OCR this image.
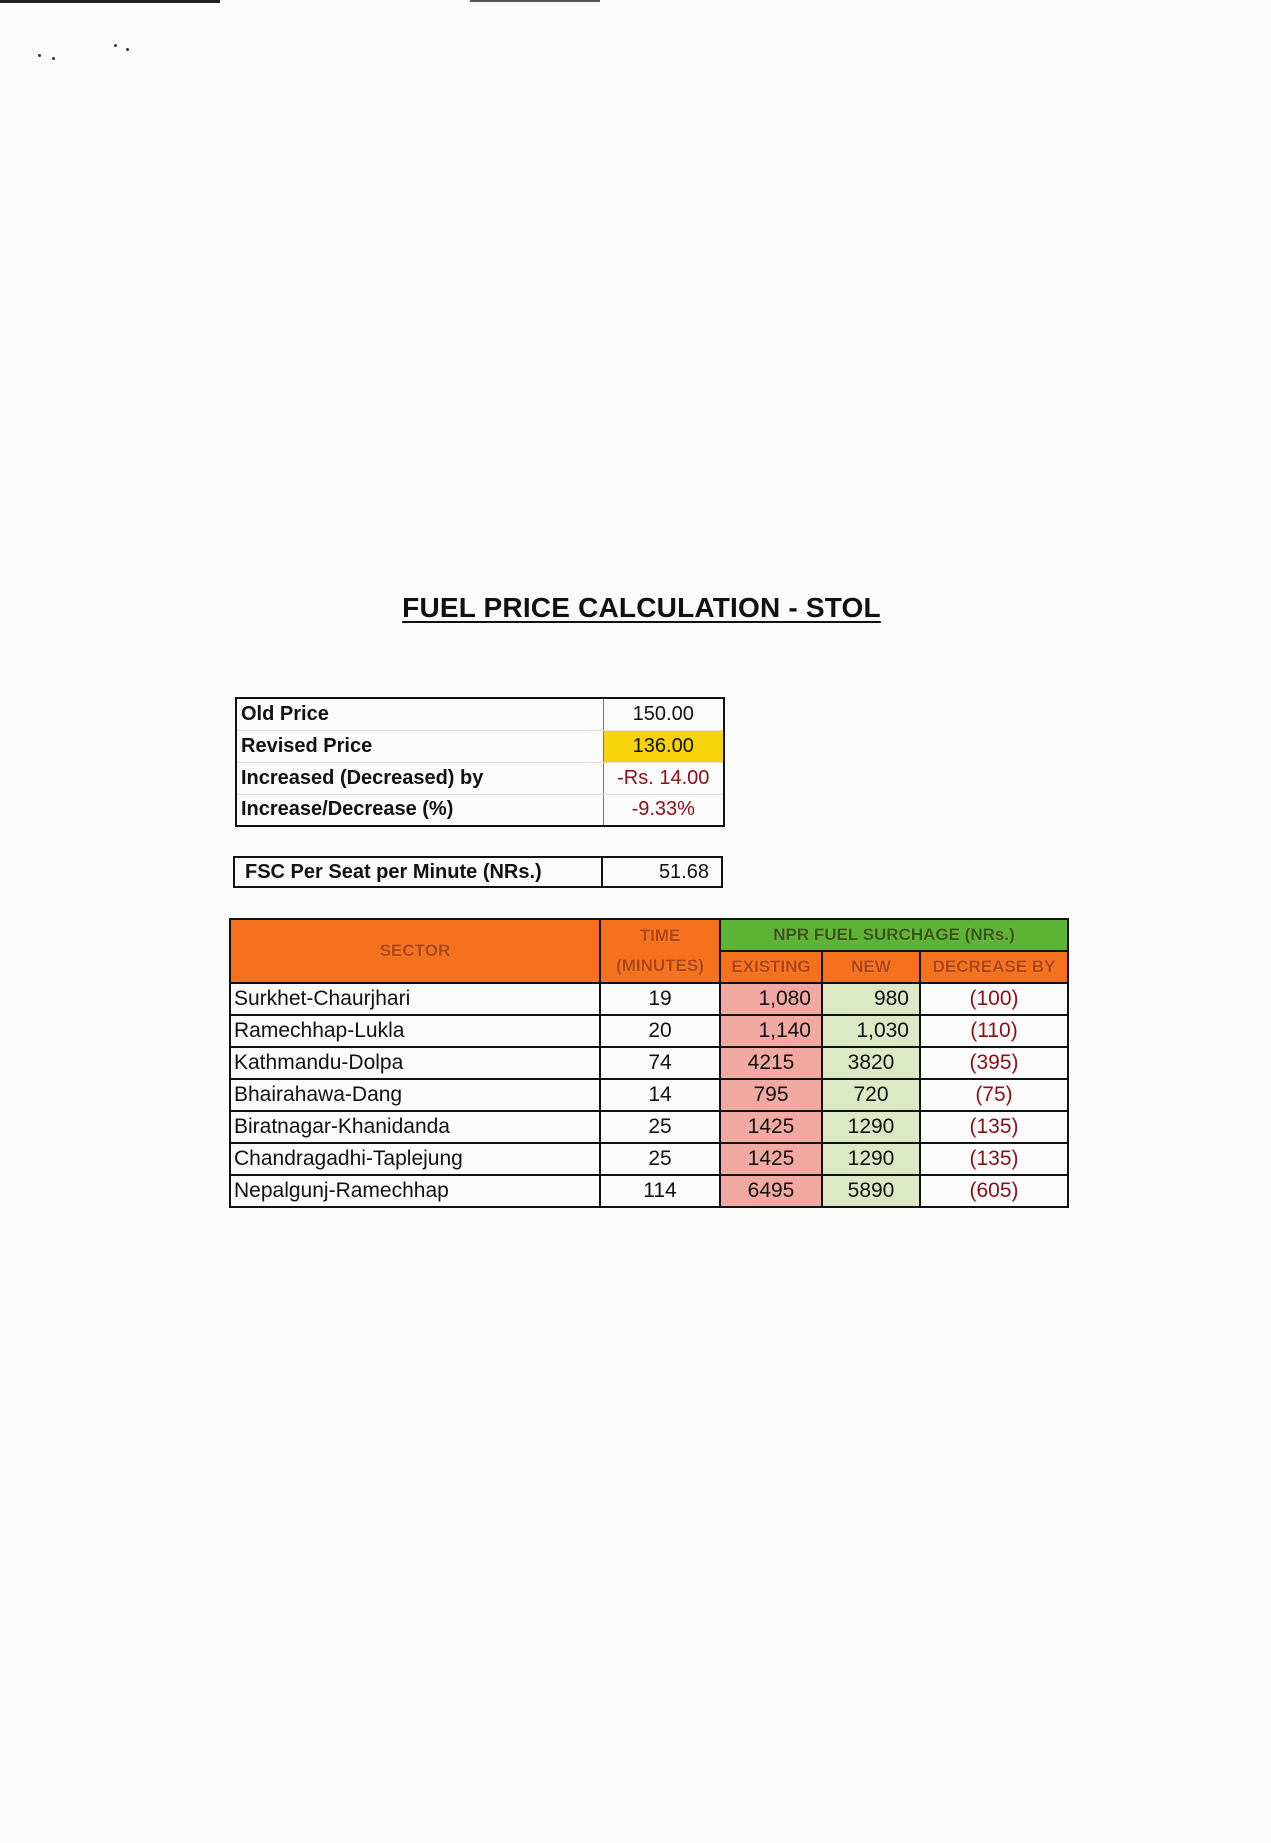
FUEL PRICE CALCULATION - STOL
Old Price	150.00
Revised Price	136.00
Increased (Decreased) by	-Rs. 14.00
Increase/Decrease (%)	-9.33%
FSC Per Seat per Minute (NRs.)	51.68
SECTOR	TIME (MINUTES)	NPR FUEL SURCHAGE (NRs.)		
		EXISTING	NEW	DECREASE BY
Surkhet-Chaurjhari	19	1,080	980	(100)
Ramechhap-Lukla	20	1,140	1,030	(110)
Kathmandu-Dolpa	74	4215	3820	(395)
Bhairahawa-Dang	14	795	720	(75)
Biratnagar-Khanidanda	25	1425	1290	(135)
Chandragadhi-Taplejung	25	1425	1290	(135)
Nepalgunj-Ramechhap	114	6495	5890	(605)
